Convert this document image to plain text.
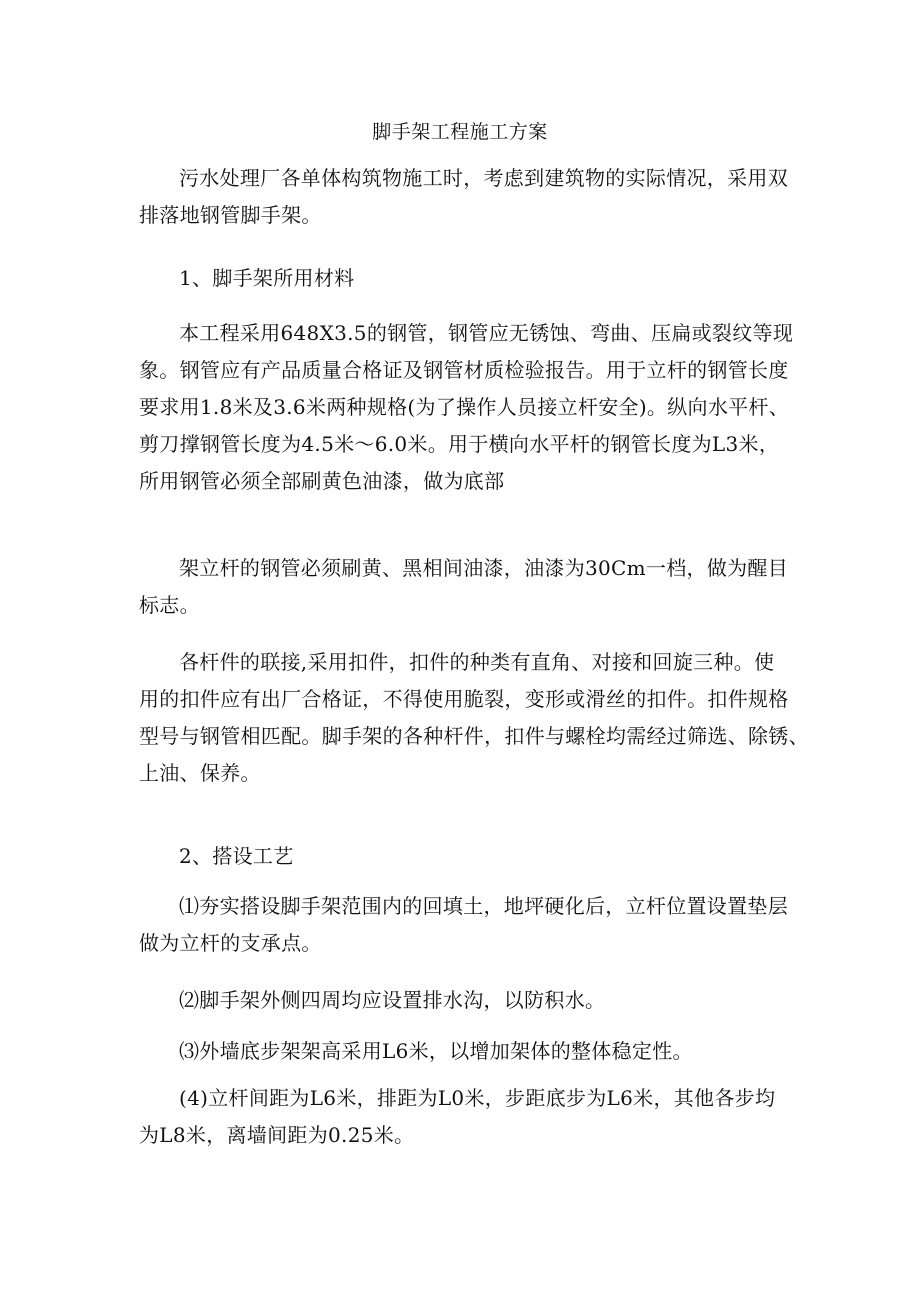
脚手架工程施工方案

污水处理厂各单体构筑物施工时，考虑到建筑物的实际情况，采用双
排落地钢管脚手架。

1、脚手架所用材料

本工程采用648X3.5的钢管，钢管应无锈蚀、弯曲、压扁或裂纹等现
象。钢管应有产品质量合格证及钢管材质检验报告。用于立杆的钢管长度
要求用1.8米及3.6米两种规格(为了操作人员接立杆安全)。纵向水平杆、
剪刀撑钢管长度为4.5米～6.0米。用于横向水平杆的钢管长度为L3米，
所用钢管必须全部刷黄色油漆，做为底部

架立杆的钢管必须刷黄、黑相间油漆，油漆为30Cm一档，做为醒目
标志。

各杆件的联接,采用扣件，扣件的种类有直角、对接和回旋三种。使
用的扣件应有出厂合格证，不得使用脆裂，变形或滑丝的扣件。扣件规格
型号与钢管相匹配。脚手架的各种杆件，扣件与螺栓均需经过筛选、除锈、
上油、保养。

2、搭设工艺

⑴夯实搭设脚手架范围内的回填土，地坪硬化后，立杆位置设置垫层
做为立杆的支承点。

⑵脚手架外侧四周均应设置排水沟，以防积水。

⑶外墙底步架架高采用L6米，以增加架体的整体稳定性。

(4)立杆间距为L6米，排距为L0米，步距底步为L6米，其他各步均
为L8米，离墙间距为0.25米。
